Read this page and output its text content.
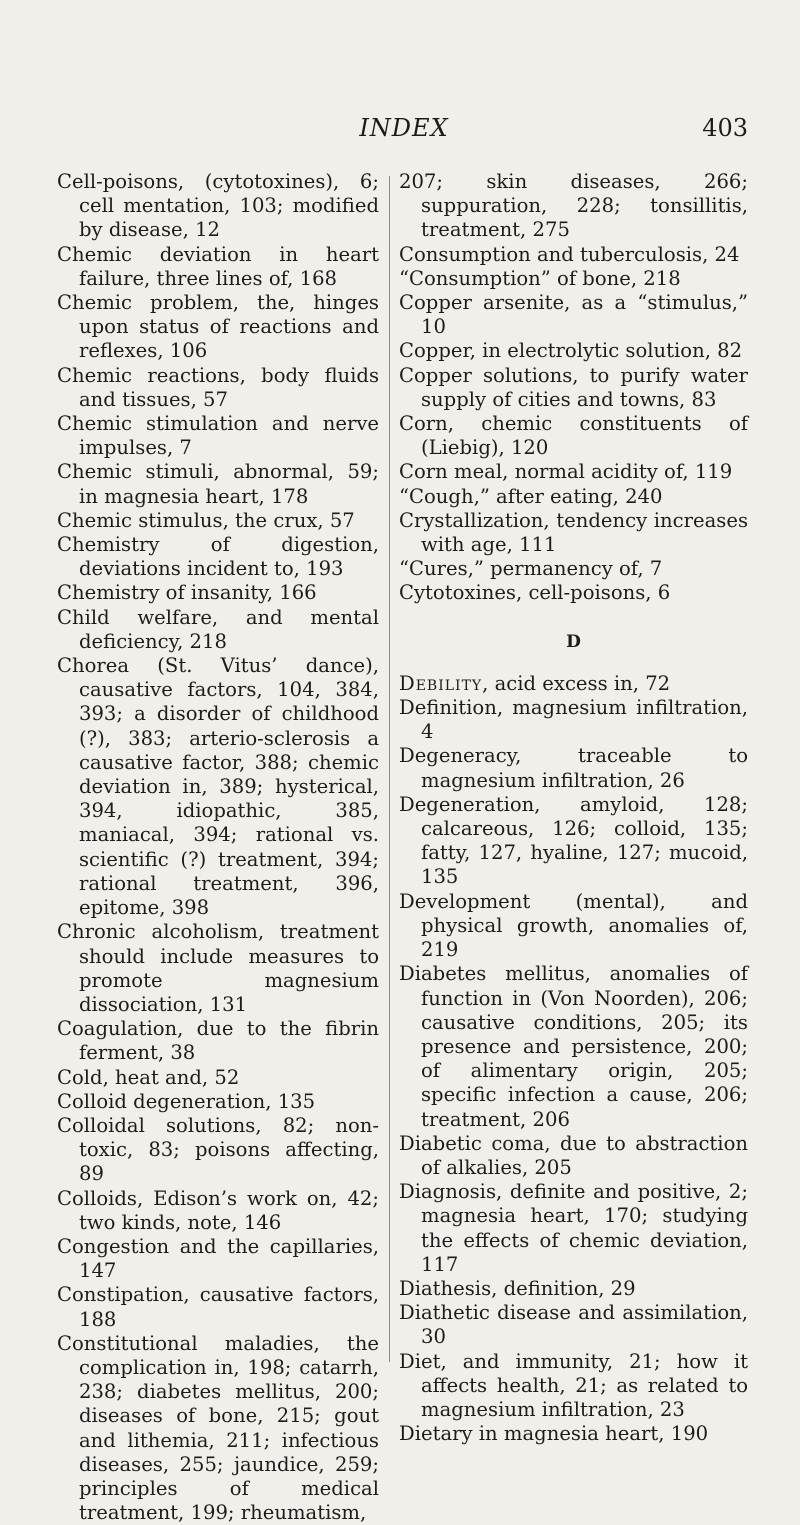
INDEX	403

Cell-poisons, (cytotoxines), 6; cell mentation, 103; modified by disease, 12

Chemic deviation in heart failure, three lines of, 168

Chemic problem, the, hinges upon status of reactions and reflexes, 106

Chemic reactions, body fluids and tissues, 57

Chemic stimulation and nerve impulses, 7

Chemic stimuli, abnormal, 59; in magnesia heart, 178

Chemic stimulus, the crux, 57

Chemistry of digestion, deviations incident to, 193

Chemistry of insanity, 166

Child welfare, and mental deficiency, 218

Chorea (St. Vitus’ dance), causative factors, 104, 384, 393; a disorder of childhood (?), 383; arterio-sclerosis a causative factor, 388; chemic deviation in, 389; hysterical, 394, idiopathic, 385, maniacal, 394; rational vs. scientific (?) treatment, 394; rational treatment, 396, epitome, 398

Chronic alcoholism, treatment should include measures to promote magnesium dissociation, 131

Coagulation, due to the fibrin ferment, 38

Cold, heat and, 52

Colloid degeneration, 135

Colloidal solutions, 82; non-toxic, 83; poisons affecting, 89

Colloids, Edison’s work on, 42; two kinds, note, 146

Congestion and the capillaries, 147

Constipation, causative factors, 188

Constitutional maladies, the complication in, 198; catarrh, 238; diabetes mellitus, 200; diseases of bone, 215; gout and lithemia, 211; infectious diseases, 255; jaundice, 259; principles of medical treatment, 199; rheumatism,

207; skin diseases, 266; suppuration, 228; tonsillitis, treatment, 275

Consumption and tuberculosis, 24

“Consumption” of bone, 218

Copper arsenite, as a “stimulus,” 10

Copper, in electrolytic solution, 82

Copper solutions, to purify water supply of cities and towns, 83

Corn, chemic constituents of (Liebig), 120

Corn meal, normal acidity of, 119

“Cough,” after eating, 240

Crystallization, tendency increases with age, 111

“Cures,” permanency of, 7

Cytotoxines, cell-poisons, 6

D

Debility, acid excess in, 72

Definition, magnesium infiltration, 4

Degeneracy, traceable to magnesium infiltration, 26

Degeneration, amyloid, 128; calcareous, 126; colloid, 135; fatty, 127, hyaline, 127; mucoid, 135

Development (mental), and physical growth, anomalies of, 219

Diabetes mellitus, anomalies of function in (Von Noorden), 206; causative conditions, 205; its presence and persistence, 200; of alimentary origin, 205; specific infection a cause, 206; treatment, 206

Diabetic coma, due to abstraction of alkalies, 205

Diagnosis, definite and positive, 2; magnesia heart, 170; studying the effects of chemic deviation, 117

Diathesis, definition, 29

Diathetic disease and assimilation, 30

Diet, and immunity, 21; how it affects health, 21; as related to magnesium infiltration, 23

Dietary in magnesia heart, 190
